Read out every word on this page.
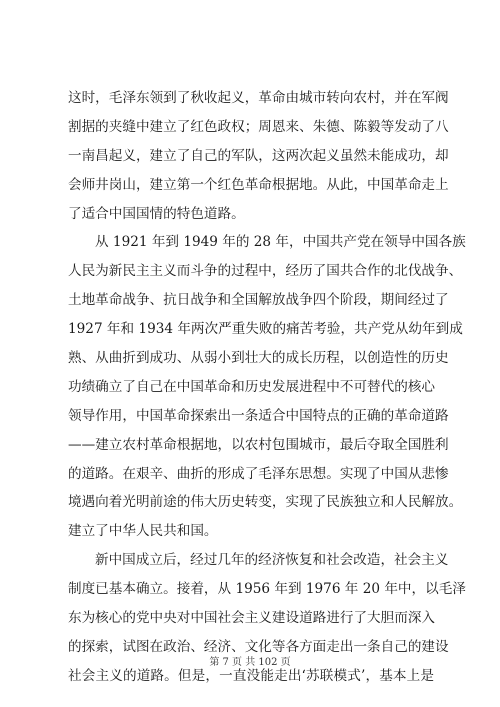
这时，毛泽东领到了秋收起义，革命由城市转向农村，并在军阀
割据的夹缝中建立了红色政权；周恩来、朱德、陈毅等发动了八
一南昌起义，建立了自己的军队，这两次起义虽然未能成功，却
会师井岗山，建立第一个红色革命根据地。从此，中国革命走上
了适合中国国情的特色道路。
从 1921 年到 1949 年的 28 年，中国共产党在领导中国各族
人民为新民主主义而斗争的过程中，经历了国共合作的北伐战争、
土地革命战争、抗日战争和全国解放战争四个阶段，期间经过了
1927 年和 1934 年两次严重失败的痛苦考验，共产党从幼年到成
熟、从曲折到成功、从弱小到壮大的成长历程，以创造性的历史
功绩确立了自己在中国革命和历史发展进程中不可替代的核心
领导作用，中国革命探索出一条适合中国特点的正确的革命道路
——建立农村革命根据地，以农村包围城市，最后夺取全国胜利
的道路。在艰辛、曲折的形成了毛泽东思想。实现了中国从悲惨
境遇向着光明前途的伟大历史转变，实现了民族独立和人民解放。
建立了中华人民共和国。
新中国成立后，经过几年的经济恢复和社会改造，社会主义
制度已基本确立。接着，从 1956 年到 1976 年 20 年中，以毛泽
东为核心的党中央对中国社会主义建设道路进行了大胆而深入
的探索，试图在政治、经济、文化等各方面走出一条自己的建设
社会主义的道路。但是，一直没能走出‘苏联模式’，基本上是
第 7 页 共 102 页
